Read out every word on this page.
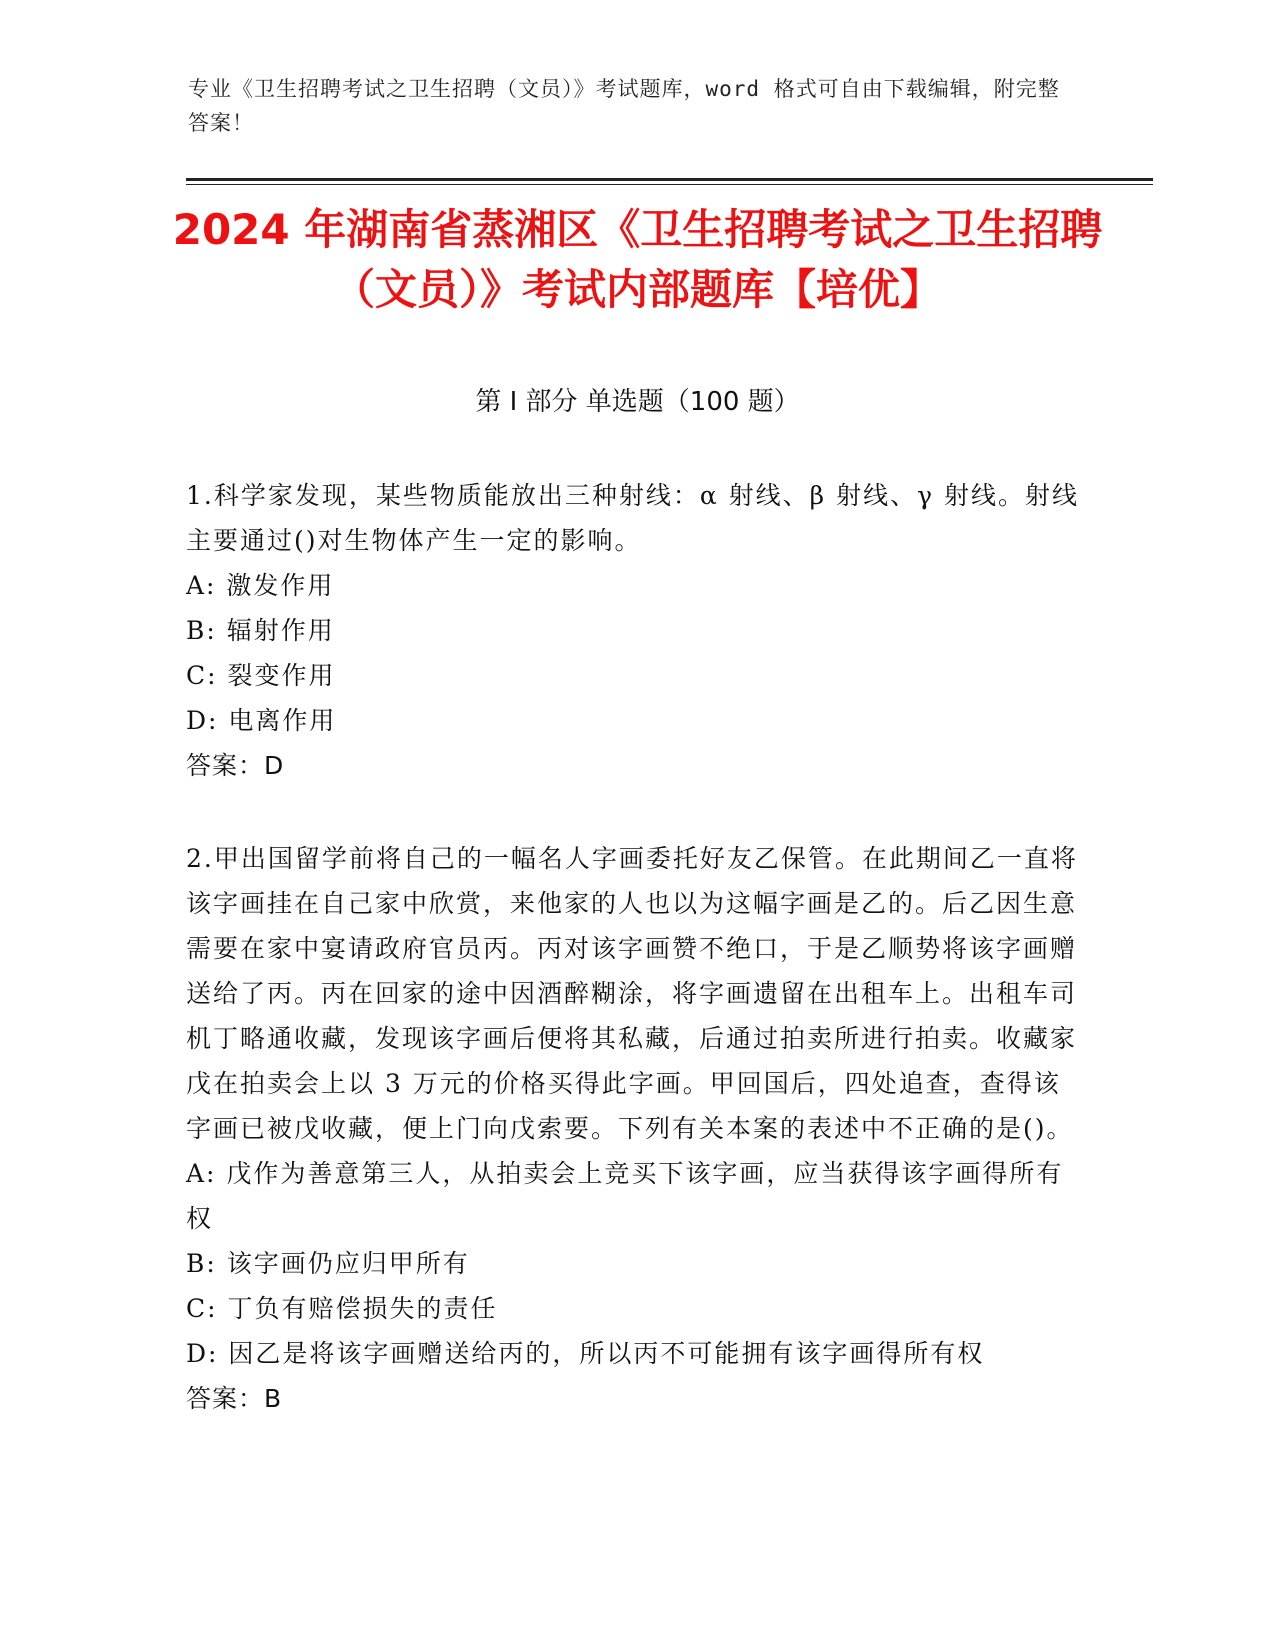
专业《卫生招聘考试之卫生招聘（文员）》考试题库，word 格式可自由下载编辑，附完整答案！
2024 年湖南省蒸湘区《卫生招聘考试之卫生招聘（文员）》考试内部题库【培优】
第 I 部分 单选题（100 题）

1.科学家发现，某些物质能放出三种射线：α 射线、β 射线、γ 射线。射线主要通过()对生物体产生一定的影响。

A: 激发作用

B: 辐射作用

C: 裂变作用

D: 电离作用

答案：D

2.甲出国留学前将自己的一幅名人字画委托好友乙保管。在此期间乙一直将该字画挂在自己家中欣赏，来他家的人也以为这幅字画是乙的。后乙因生意需要在家中宴请政府官员丙。丙对该字画赞不绝口，于是乙顺势将该字画赠送给了丙。丙在回家的途中因酒醉糊涂，将字画遗留在出租车上。出租车司机丁略通收藏，发现该字画后便将其私藏，后通过拍卖所进行拍卖。收藏家戊在拍卖会上以 3 万元的价格买得此字画。甲回国后，四处追查，查得该字画已被戊收藏，便上门向戊索要。下列有关本案的表述中不正确的是()。

A: 戊作为善意第三人，从拍卖会上竞买下该字画，应当获得该字画得所有权

B: 该字画仍应归甲所有

C: 丁负有赔偿损失的责任

D: 因乙是将该字画赠送给丙的，所以丙不可能拥有该字画得所有权

答案：B
